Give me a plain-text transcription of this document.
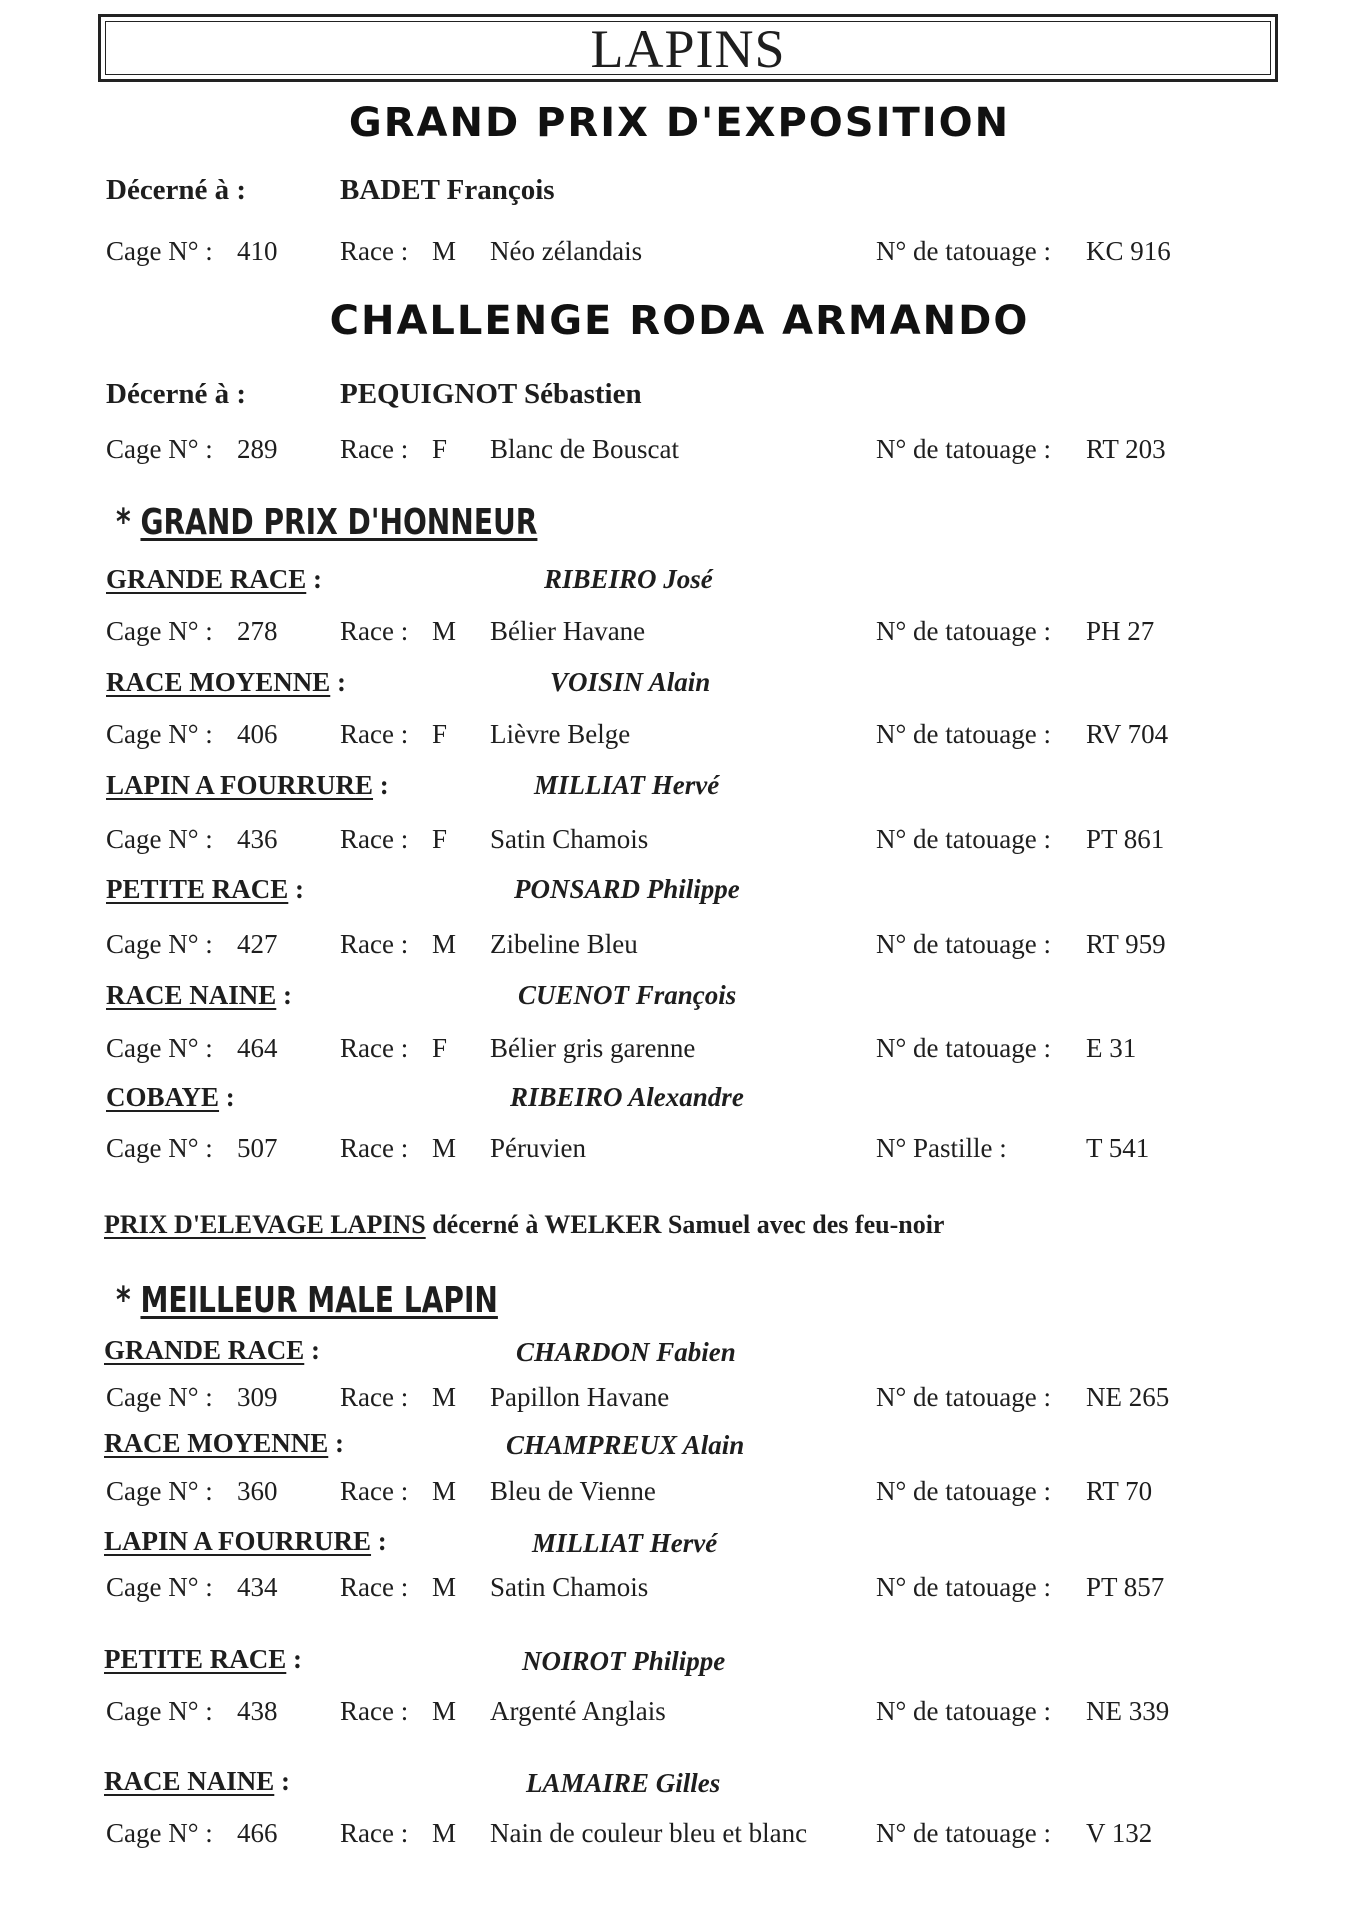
LAPINS
GRAND PRIX D'EXPOSITION
Décerné à :	BADET François
Cage N° : 410 Race : M Néo zélandais	N° de tatouage : KC 916
CHALLENGE RODA ARMANDO
Décerné à :	PEQUIGNOT Sébastien
Cage N° : 289 Race : F Blanc de Bouscat	N° de tatouage : RT 203
* GRAND PRIX D'HONNEUR
GRANDE RACE :	RIBEIRO José
Cage N° : 278 Race : M Bélier Havane	N° de tatouage : PH 27
RACE MOYENNE :	VOISIN Alain
Cage N° : 406 Race : F Lièvre Belge	N° de tatouage : RV 704
LAPIN A FOURRURE :	MILLIAT Hervé
Cage N° : 436 Race : F Satin Chamois	N° de tatouage : PT 861
PETITE RACE :	PONSARD Philippe
Cage N° : 427 Race : M Zibeline Bleu	N° de tatouage : RT 959
RACE NAINE :	CUENOT François
Cage N° : 464 Race : F Bélier gris garenne	N° de tatouage : E 31
COBAYE :	RIBEIRO Alexandre
Cage N° : 507 Race : M Péruvien	N° Pastille :	T 541
PRIX D'ELEVAGE LAPINS décerné à WELKER Samuel avec des feu-noir
* MEILLEUR MALE LAPIN
GRANDE RACE :	CHARDON Fabien
Cage N° : 309 Race : M Papillon Havane	N° de tatouage : NE 265
RACE MOYENNE :	CHAMPREUX Alain
Cage N° : 360 Race : M Bleu de Vienne	N° de tatouage : RT 70
LAPIN A FOURRURE :	MILLIAT Hervé
Cage N° : 434 Race : M Satin Chamois	N° de tatouage : PT 857
PETITE RACE :	NOIROT Philippe
Cage N° : 438 Race : M Argenté Anglais	N° de tatouage : NE 339
RACE NAINE :	LAMAIRE Gilles
Cage N° : 466 Race : M Nain de couleur bleu et blanc	N° de tatouage : V 132
